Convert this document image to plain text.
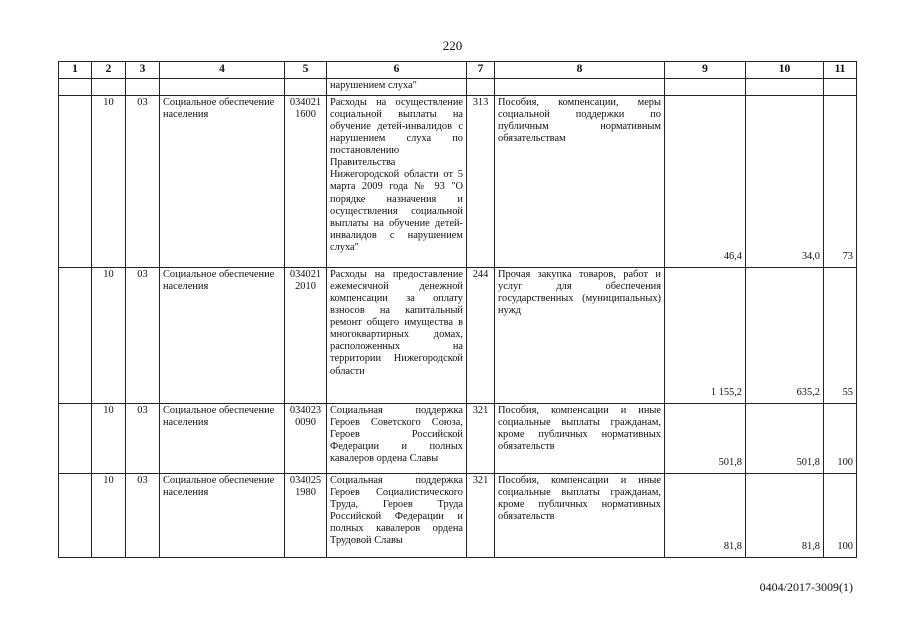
220
1	2	3	4	5	6	7	8	9	10	11
					нарушением слуха"					
	10	03	Социальное обеспечение населения	034021 1600	Расходы на осуществление социальной выплаты на обучение детей-инвалидов с нарушением слуха по постановлению Правительства Нижегородской области от 5 марта 2009 года № 93 "О порядке назначения и осуществления социальной выплаты на обучение детей-инвалидов с нарушением слуха"	313	Пособия, компенсации, меры социальной поддержки по публичным нормативным обязательствам	46,4	34,0	73
	10	03	Социальное обеспечение населения	034021 2010	Расходы на предоставление ежемесячной денежной компенсации за оплату взносов на капитальный ремонт общего имущества в многоквартирных домах, расположенных на территории Нижегородской области	244	Прочая закупка товаров, работ и услуг для обеспечения государственных (муниципальных) нужд	1 155,2	635,2	55
	10	03	Социальное обеспечение населения	034023 0090	Социальная поддержка Героев Советского Союза, Героев Российской Федерации и полных кавалеров ордена Славы	321	Пособия, компенсации и иные социальные выплаты гражданам, кроме публичных нормативных обязательств	501,8	501,8	100
	10	03	Социальное обеспечение населения	034025 1980	Социальная поддержка Героев Социалистического Труда, Героев Труда Российской Федерации и полных кавалеров ордена Трудовой Славы	321	Пособия, компенсации и иные социальные выплаты гражданам, кроме публичных нормативных обязательств	81,8	81,8	100
0404/2017-3009(1)
